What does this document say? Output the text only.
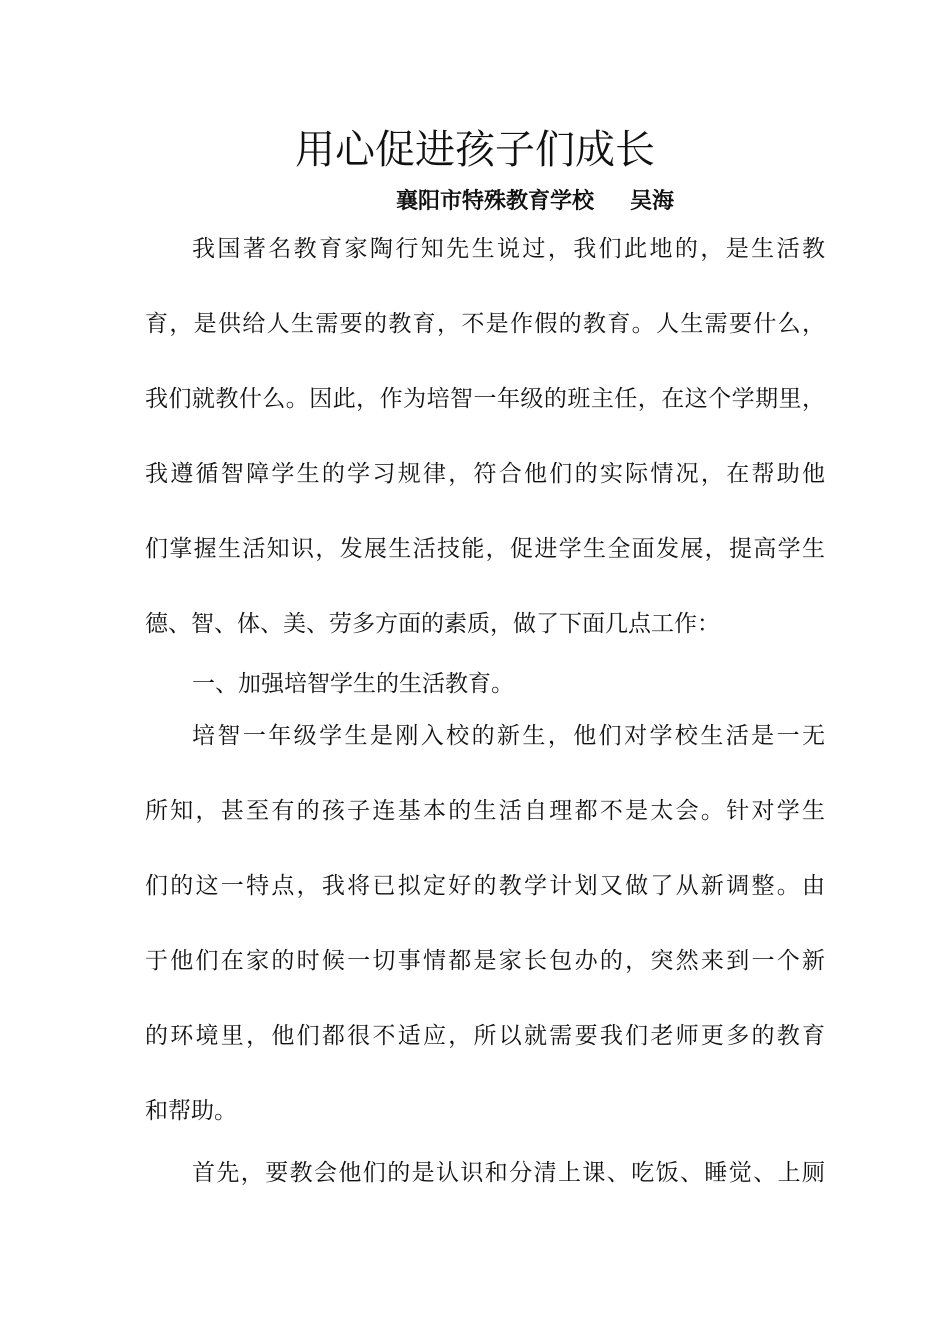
用心促进孩子们成长
襄阳市特殊教育学校 吴海
我国著名教育家陶行知先生说过，我们此地的，是生活教
育，是供给人生需要的教育，不是作假的教育。人生需要什么，
我们就教什么。因此，作为培智一年级的班主任，在这个学期里，
我遵循智障学生的学习规律，符合他们的实际情况，在帮助他
们掌握生活知识，发展生活技能，促进学生全面发展，提高学生
德、智、体、美、劳多方面的素质，做了下面几点工作：
一、加强培智学生的生活教育。
培智一年级学生是刚入校的新生，他们对学校生活是一无
所知，甚至有的孩子连基本的生活自理都不是太会。针对学生
们的这一特点，我将已拟定好的教学计划又做了从新调整。由
于他们在家的时候一切事情都是家长包办的，突然来到一个新
的环境里，他们都很不适应，所以就需要我们老师更多的教育
和帮助。
首先，要教会他们的是认识和分清上课、吃饭、睡觉、上厕
